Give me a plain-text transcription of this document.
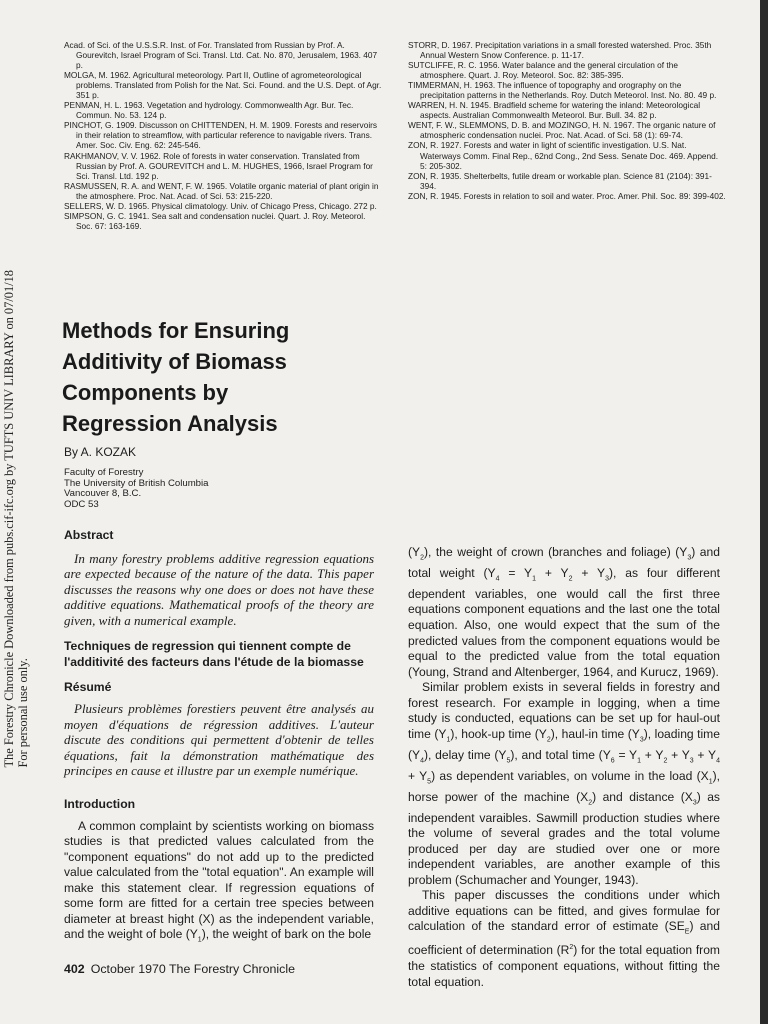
The Forestry Chronicle Downloaded from pubs.cif-ifc.org by TUFTS UNIV LIBRARY on 07/01/18 For personal use only.
Acad. of Sci. of the U.S.S.R. Inst. of For. Translated from Russian by Prof. A. Gourevitch, Israel Program of Sci. Transl. Ltd. Cat. No. 870, Jerusalem, 1963. 407 p.
MOLGA, M. 1962. Agricultural meteorology. Part II, Outline of agrometeorological problems. Translated from Polish for the Nat. Sci. Found. and the U.S. Dept. of Agr. 351 p.
PENMAN, H. L. 1963. Vegetation and hydrology. Commonwealth Agr. Bur. Tec. Commun. No. 53. 124 p.
PINCHOT, G. 1909. Discusson on CHITTENDEN, H. M. 1909. Forests and reservoirs in their relation to streamflow, with particular reference to navigable rivers. Trans. Amer. Soc. Civ. Eng. 62: 245-546.
RAKHMANOV, V. V. 1962. Role of forests in water conservation. Translated from Russian by Prof. A. GOUREVITCH and L. M. HUGHES, 1966, Israel Program for Sci. Transl. Ltd. 192 p.
RASMUSSEN, R. A. and WENT, F. W. 1965. Volatile organic material of plant origin in the atmosphere. Proc. Nat. Acad. of Sci. 53: 215-220.
SELLERS, W. D. 1965. Physical climatology. Univ. of Chicago Press, Chicago. 272 p.
SIMPSON, G. C. 1941. Sea salt and condensation nuclei. Quart. J. Roy. Meteorol. Soc. 67: 163-169.
STORR, D. 1967. Precipitation variations in a small forested watershed. Proc. 35th Annual Western Snow Conference. p. 11-17.
SUTCLIFFE, R. C. 1956. Water balance and the general circulation of the atmosphere. Quart. J. Roy. Meteorol. Soc. 82: 385-395.
TIMMERMAN, H. 1963. The influence of topography and orography on the precipitation patterns in the Netherlands. Roy. Dutch Meteorol. Inst. No. 80. 49 p.
WARREN, H. N. 1945. Bradfield scheme for watering the inland: Meteorological aspects. Australian Commonwealth Meteorol. Bur. Bull. 34. 82 p.
WENT, F. W., SLEMMONS, D. B. and MOZINGO, H. N. 1967. The organic nature of atmospheric condensation nuclei. Proc. Nat. Acad. of Sci. 58 (1): 69-74.
ZON, R. 1927. Forests and water in light of scientific investigation. U.S. Nat. Waterways Comm. Final Rep., 62nd Cong., 2nd Sess. Senate Doc. 469. Append. 5: 205-302.
ZON, R. 1935. Shelterbelts, futile dream or workable plan. Science 81 (2104): 391-394.
ZON, R. 1945. Forests in relation to soil and water. Proc. Amer. Phil. Soc. 89: 399-402.
Methods for Ensuring
Additivity of Biomass
Components by
Regression Analysis
By A. KOZAK
Faculty of Forestry
The University of British Columbia
Vancouver 8, B.C.
ODC 53

Abstract

In many forestry problems additive regression equations are expected because of the nature of the data. This paper discusses the reasons why one does or does not have these additive equations. Mathematical proofs of the theory are given, with a numerical example.

Techniques de regression qui tiennent compte de l'additivité des facteurs dans l'étude de la biomasse

Résumé

Plusieurs problèmes forestiers peuvent être analysés au moyen d'équations de régression additives. L'auteur discute des conditions qui permettent d'obtenir de telles équations, fait la démonstration mathématique des principes en cause et illustre par un exemple numérique.

Introduction

A common complaint by scientists working on biomass studies is that predicted values calculated from the "component equations" do not add up to the predicted value calculated from the "total equation". An example will make this statement clear. If regression equations of some form are fitted for a certain tree species between diameter at breast hight (X) as the independent variable, and the weight of bole $(Y_1)$, the weight of bark on the bole

$(Y_2)$, the weight of crown (branches and foliage) $(Y_3)$ and total weight $(Y_4 = Y_1 + Y_2 + Y_3)$, as four different dependent variables, one would call the first three equations component equations and the last one the total equation. Also, one would expect that the sum of the predicted values from the component equations would be equal to the predicted value from the total equation (Young, Strand and Altenberger, 1964, and Kurucz, 1969).

Similar problem exists in several fields in forestry and forest research. For example in logging, when a time study is conducted, equations can be set up for haul-out time $(Y_1)$, hook-up time $(Y_2)$, haul-in time $(Y_3)$, loading time $(Y_4)$, delay time $(Y_5)$, and total time $(Y_6 = Y_1 + Y_2 + Y_3 + Y_4 + Y_5)$ as dependent variables, on volume in the load $(X_1)$, horse power of the machine $(X_2)$ and distance $(X_3)$ as independent varaibles. Sawmill production studies where the volume of several grades and the total volume produced per day are studied over one or more independent variables, are another example of this problem (Schumacher and Younger, 1943).

This paper discusses the conditions under which additive equations can be fitted, and gives formulae for calculation of the standard error of estimate $(SE_E)$ and coefficient of determination $(R^2)$ for the total equation from the statistics of component equations, without fitting the total equation.

402 October 1970 The Forestry Chronicle
